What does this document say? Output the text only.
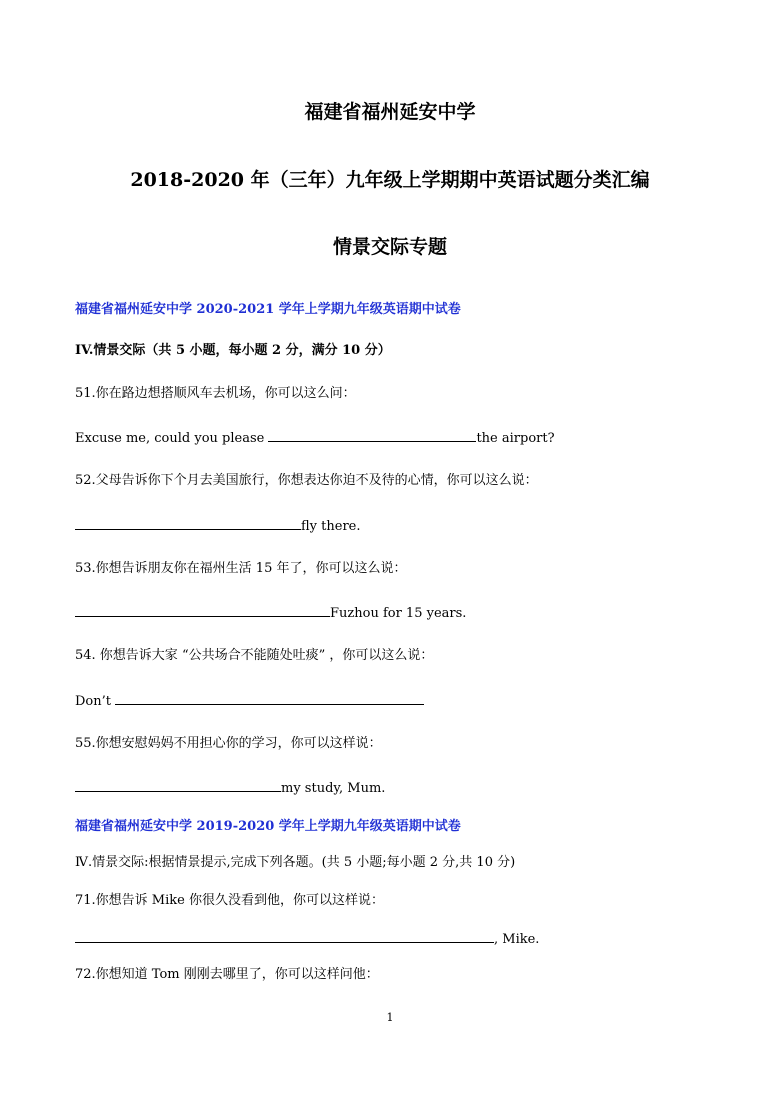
福建省福州延安中学
2018-2020 年（三年）九年级上学期期中英语试题分类汇编
情景交际专题
福建省福州延安中学 2020-2021 学年上学期九年级英语期中试卷
IV.情景交际（共 5 小题，每小题 2 分，满分 10 分）
51.你在路边想搭顺风车去机场，你可以这么问：
Excuse me, could you please	the airport?
52.父母告诉你下个月去美国旅行，你想表达你迫不及待的心情，你可以这么说：
fly there.
53.你想告诉朋友你在福州生活 15 年了，你可以这么说：
Fuzhou for 15 years.
54. 你想告诉大家 “公共场合不能随处吐痰” ，你可以这么说：
Don’t
55.你想安慰妈妈不用担心你的学习，你可以这样说：
my study, Mum.
福建省福州延安中学 2019-2020 学年上学期九年级英语期中试卷
Ⅳ.情景交际:根据情景提示,完成下列各题。(共 5 小题;每小题 2 分,共 10 分)
71.你想告诉 Mike 你很久没看到他，你可以这样说：
, Mike.
72.你想知道 Tom 刚刚去哪里了，你可以这样问他：
1
